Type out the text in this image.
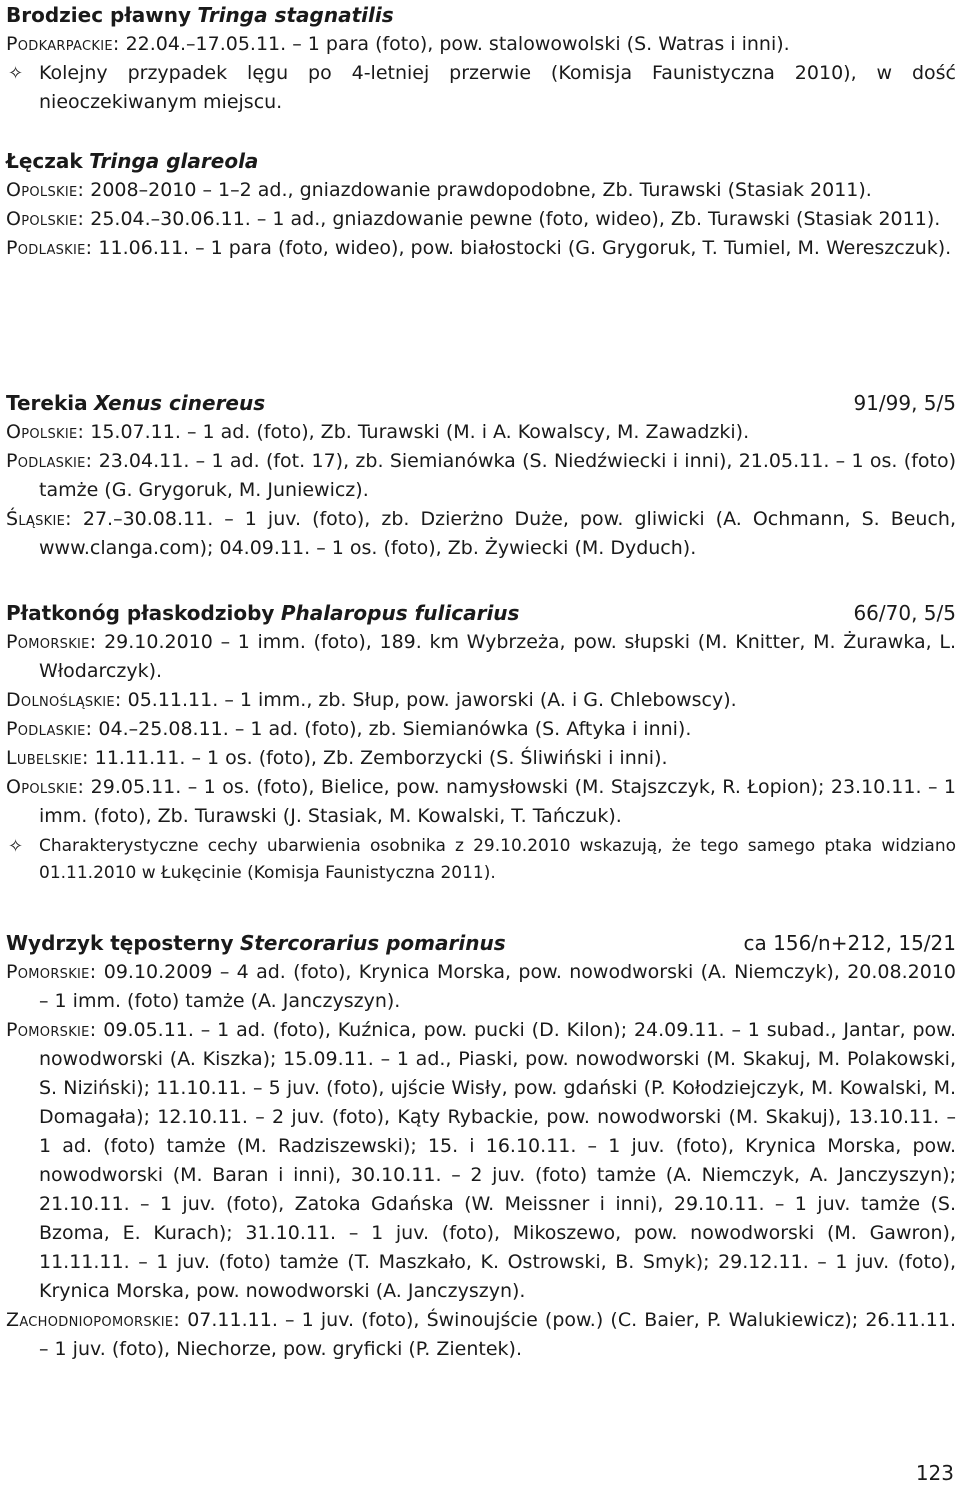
Brodziec pławny Tringa stagnatilis
Podkarpackie: 22.04.–17.05.11. – 1 para (foto), pow. stalowowolski (S. Watras i inni).
✧ Kolejny przypadek lęgu po 4-letniej przerwie (Komisja Faunistyczna 2010), w dość nieoczekiwanym miejscu.
Łęczak Tringa glareola
Opolskie: 2008–2010 – 1–2 ad., gniazdowanie prawdopodobne, Zb. Turawski (Stasiak 2011).
Opolskie: 25.04.–30.06.11. – 1 ad., gniazdowanie pewne (foto, wideo), Zb. Turawski (Stasiak 2011).
Podlaskie: 11.06.11. – 1 para (foto, wideo), pow. białostocki (G. Grygoruk, T. Tumiel, M. Wereszczuk).
Terekia Xenus cinereus	91/99, 5/5
Opolskie: 15.07.11. – 1 ad. (foto), Zb. Turawski (M. i A. Kowalscy, M. Zawadzki).
Podlaskie: 23.04.11. – 1 ad. (fot. 17), zb. Siemianówka (S. Niedźwiecki i inni), 21.05.11. – 1 os. (foto) tamże (G. Grygoruk, M. Juniewicz).
Śląskie: 27.–30.08.11. – 1 juv. (foto), zb. Dzierżno Duże, pow. gliwicki (A. Ochmann, S. Beuch, www.clanga.com); 04.09.11. – 1 os. (foto), Zb. Żywiecki (M. Dyduch).
Płatkonóg płaskodzioby Phalaropus fulicarius	66/70, 5/5
Pomorskie: 29.10.2010 – 1 imm. (foto), 189. km Wybrzeża, pow. słupski (M. Knitter, M. Żurawka, L. Włodarczyk).
Dolnośląskie: 05.11.11. – 1 imm., zb. Słup, pow. jaworski (A. i G. Chlebowscy).
Podlaskie: 04.–25.08.11. – 1 ad. (foto), zb. Siemianówka (S. Aftyka i inni).
Lubelskie: 11.11.11. – 1 os. (foto), Zb. Zemborzycki (S. Śliwiński i inni).
Opolskie: 29.05.11. – 1 os. (foto), Bielice, pow. namysłowski (M. Stajszczyk, R. Łopion); 23.10.11. – 1 imm. (foto), Zb. Turawski (J. Stasiak, M. Kowalski, T. Tańczuk).
✧ Charakterystyczne cechy ubarwienia osobnika z 29.10.2010 wskazują, że tego samego ptaka widziano 01.11.2010 w Łukęcinie (Komisja Faunistyczna 2011).
Wydrzyk tęposterny Stercorarius pomarinus	ca 156/n+212, 15/21
Pomorskie: 09.10.2009 – 4 ad. (foto), Krynica Morska, pow. nowodworski (A. Niemczyk), 20.08.2010 – 1 imm. (foto) tamże (A. Janczyszyn).
Pomorskie: 09.05.11. – 1 ad. (foto), Kuźnica, pow. pucki (D. Kilon); 24.09.11. – 1 subad., Jantar, pow. nowodworski (A. Kiszka); 15.09.11. – 1 ad., Piaski, pow. nowodworski (M. Skakuj, M. Polakowski, S. Niziński); 11.10.11. – 5 juv. (foto), ujście Wisły, pow. gdański (P. Kołodziejczyk, M. Kowalski, M. Domagała); 12.10.11. – 2 juv. (foto), Kąty Rybackie, pow. nowodworski (M. Skakuj), 13.10.11. – 1 ad. (foto) tamże (M. Radziszewski); 15. i 16.10.11. – 1 juv. (foto), Krynica Morska, pow. nowodworski (M. Baran i inni), 30.10.11. – 2 juv. (foto) tamże (A. Niemczyk, A. Janczyszyn); 21.10.11. – 1 juv. (foto), Zatoka Gdańska (W. Meissner i inni), 29.10.11. – 1 juv. tamże (S. Bzoma, E. Kurach); 31.10.11. – 1 juv. (foto), Mikoszewo, pow. nowodworski (M. Gawron), 11.11.11. – 1 juv. (foto) tamże (T. Maszkało, K. Ostrowski, B. Smyk); 29.12.11. – 1 juv. (foto), Krynica Morska, pow. nowodworski (A. Janczyszyn).
Zachodniopomorskie: 07.11.11. – 1 juv. (foto), Świnoujście (pow.) (C. Baier, P. Walukiewicz); 26.11.11. – 1 juv. (foto), Niechorze, pow. gryficki (P. Zientek).
123
